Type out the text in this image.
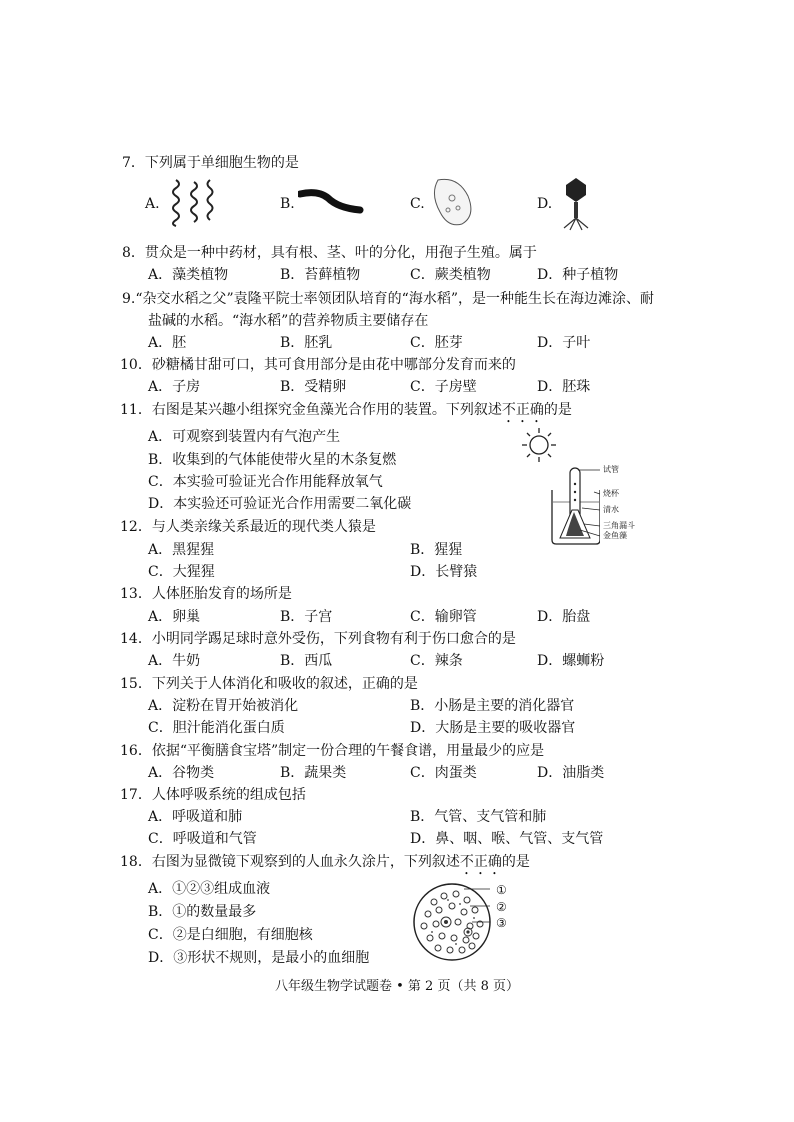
7．下列属于单细胞生物的是
A.	B.	C.	D.
8．贯众是一种中药材，具有根、茎、叶的分化，用孢子生殖。属于
A．藻类植物	B．苔藓植物	C．蕨类植物	D．种子植物
9.“杂交水稻之父”袁隆平院士率领团队培育的“海水稻”，是一种能生长在海边滩涂、耐
盐碱的水稻。“海水稻”的营养物质主要储存在
A．胚	B．胚乳	C．胚芽	D．子叶
10．砂糖橘甘甜可口，其可食用部分是由花中哪部分发育而来的
A．子房	B．受精卵	C．子房壁	D．胚珠
11．右图是某兴趣小组探究金鱼藻光合作用的装置。下列叙述不正确的是
A．可观察到装置内有气泡产生
B．收集到的气体能使带火星的木条复燃
C．本实验可验证光合作用能释放氧气
D．本实验还可验证光合作用需要二氧化碳
试管
烧杯
清水
三角漏斗
金鱼藻
12．与人类亲缘关系最近的现代类人猿是
A．黑猩猩	B．猩猩
C．大猩猩	D．长臂猿
13．人体胚胎发育的场所是
A．卵巢	B．子宫	C．输卵管	D．胎盘
14．小明同学踢足球时意外受伤，下列食物有利于伤口愈合的是
A．牛奶	B．西瓜	C．辣条	D．螺蛳粉
15．下列关于人体消化和吸收的叙述，正确的是
A．淀粉在胃开始被消化	B．小肠是主要的消化器官
C．胆汁能消化蛋白质	D．大肠是主要的吸收器官
16．依据“平衡膳食宝塔”制定一份合理的午餐食谱，用量最少的应是
A．谷物类	B．蔬果类	C．肉蛋类	D．油脂类
17．人体呼吸系统的组成包括
A．呼吸道和肺	B．气管、支气管和肺
C．呼吸道和气管	D．鼻、咽、喉、气管、支气管
18．右图为显微镜下观察到的人血永久涂片，下列叙述不正确的是
A．①②③组成血液
B．①的数量最多
C．②是白细胞，有细胞核
D．③形状不规则，是最小的血细胞
①
②
③
八年级生物学试题卷 • 第 2 页（共 8 页）
